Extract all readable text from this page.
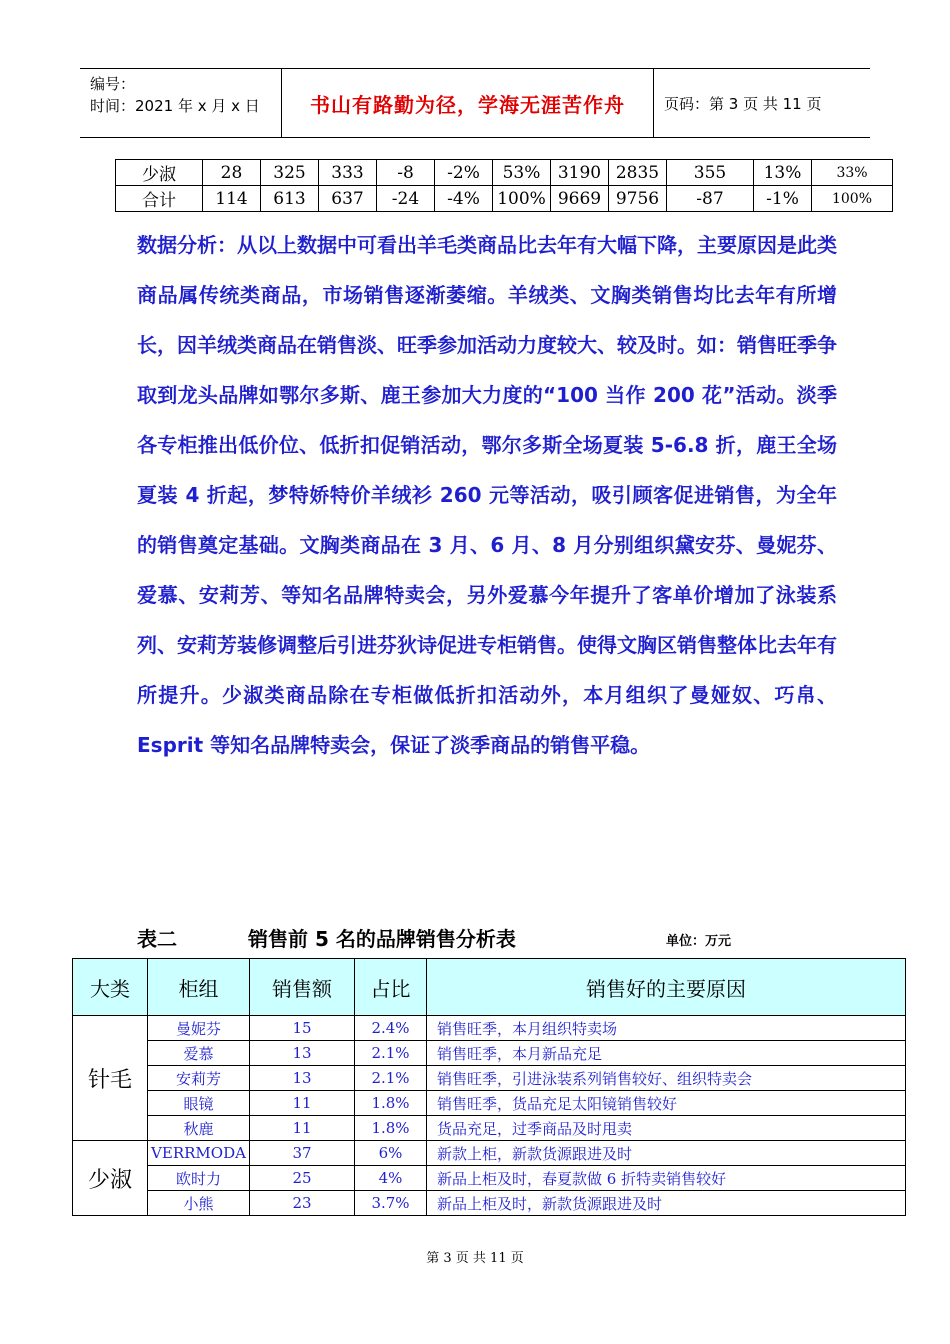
编号：
时间：2021 年 x 月 x 日	书山有路勤为径，学海无涯苦作舟	页码：第 3 页 共 11 页
少淑	28	325	333	-8	-2%	53%	3190	2835	355	13%	33%
合计	114	613	637	-24	-4%	100%	9669	9756	-87	-1%	100%
数据分析：从以上数据中可看出羊毛类商品比去年有大幅下降，主要原因是此类商品属传统类商品，市场销售逐渐萎缩。羊绒类、文胸类销售均比去年有所增长，因羊绒类商品在销售淡、旺季参加活动力度较大、较及时。如：销售旺季争取到龙头品牌如鄂尔多斯、鹿王参加大力度的“100 当作 200 花”活动。淡季各专柜推出低价位、低折扣促销活动，鄂尔多斯全场夏装 5-6.8 折，鹿王全场夏装 4 折起，梦特娇特价羊绒衫 260 元等活动，吸引顾客促进销售，为全年的销售奠定基础。文胸类商品在 3 月、6 月、8 月分别组织黛安芬、曼妮芬、爱慕、安莉芳、等知名品牌特卖会，另外爱慕今年提升了客单价增加了泳装系列、安莉芳装修调整后引进芬狄诗促进专柜销售。使得文胸区销售整体比去年有所提升。少淑类商品除在专柜做低折扣活动外，本月组织了曼娅奴、巧帛、Esprit 等知名品牌特卖会，保证了淡季商品的销售平稳。
表二	销售前 5 名的品牌销售分析表	单位：万元
大类	柜组	销售额	占比	销售好的主要原因
针毛	曼妮芬	15	2.4%	销售旺季，本月组织特卖场
	爱慕	13	2.1%	销售旺季，本月新品充足
	安莉芳	13	2.1%	销售旺季，引进泳装系列销售较好、组织特卖会
	眼镜	11	1.8%	销售旺季，货品充足太阳镜销售较好
	秋鹿	11	1.8%	货品充足，过季商品及时甩卖
少淑	VERRMODA	37	6%	新款上柜，新款货源跟进及时
	欧时力	25	4%	新品上柜及时，春夏款做 6 折特卖销售较好
	小熊	23	3.7%	新品上柜及时，新款货源跟进及时
第 3 页 共 11 页
